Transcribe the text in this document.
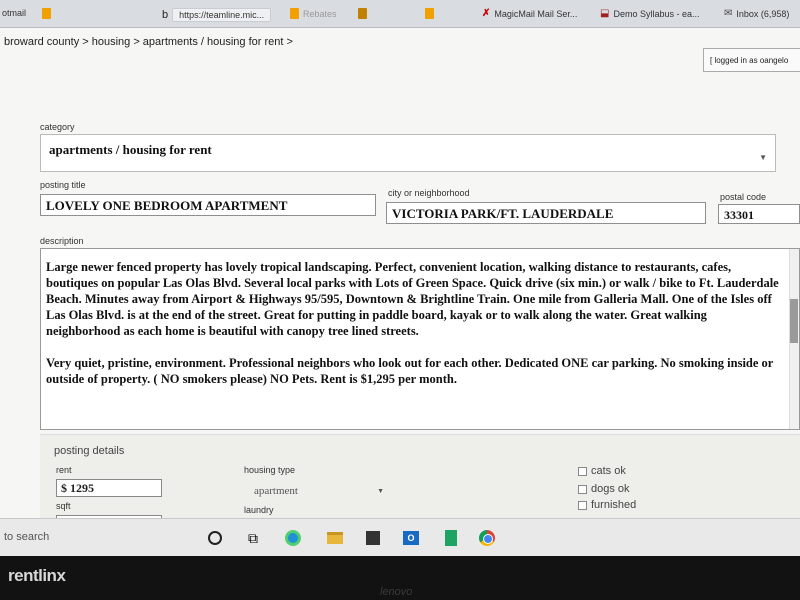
otmail	b	https://teamline.mic...	Rebates	✗ MagicMail Mail Ser... ⬓ Demo Syllabus - ea... ✉ Inbox (6,958)
broward county > housing > apartments / housing for rent >
[ logged in as oangelo
category
apartments / housing for rent
▼
posting title
LOVELY ONE BEDROOM APARTMENT
city or neighborhood
VICTORIA PARK/FT. LAUDERDALE
postal code
33301
description
Large newer fenced property has lovely tropical landscaping. Perfect, convenient location, walking distance to restaurants, cafes, boutiques on popular Las Olas Blvd. Several local parks with Lots of Green Space. Quick drive (six min.) or walk / bike to Ft. Lauderdale Beach. Minutes away from Airport & Highways 95/595, Downtown & Brightline Train. One mile from Galleria Mall. One of the Isles off Las Olas Blvd. is at the end of the street. Great for putting in paddle board, kayak or to walk along the water. Great walking neighborhood as each home is beautiful with canopy tree lined streets.

Very quiet, pristine, environment. Professional neighbors who look out for each other. Dedicated ONE car parking. No smoking inside or outside of property. ( NO smokers please) NO Pets. Rent is $1,295 per month.
posting details
rent
$ 1295
sqft
housing type
apartment	▼
laundry
cats ok
dogs ok
furnished
to search	⧉	O
rentlinx
lenovo
